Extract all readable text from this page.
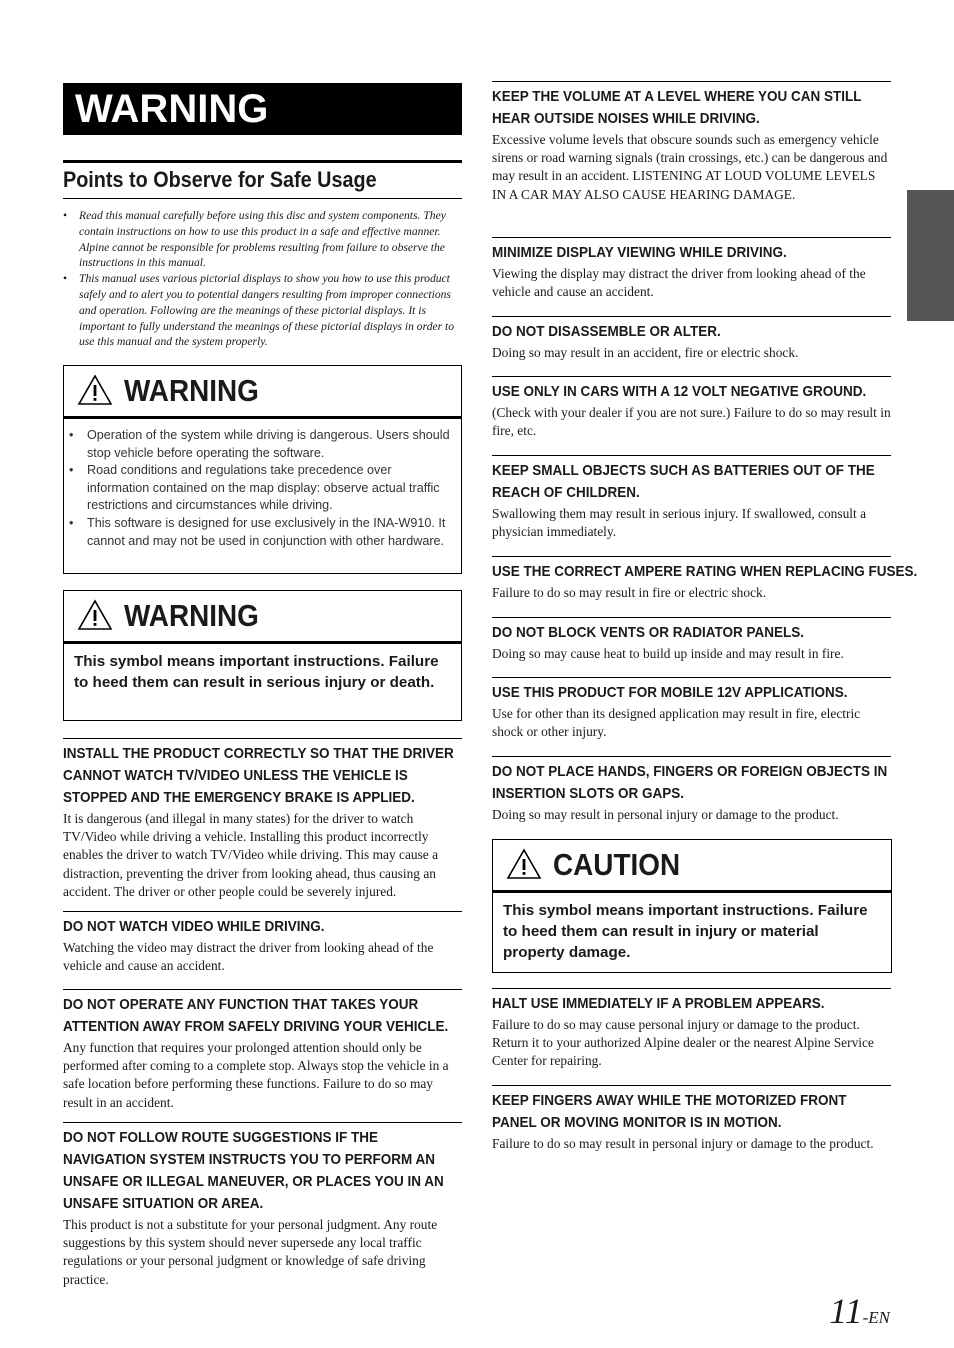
WARNING
Points to Observe for Safe Usage
• Read this manual carefully before using this disc and system components. They contain instructions on how to use this product in a safe and effective manner. Alpine cannot be responsible for problems resulting from failure to observe the instructions in this manual.
• This manual uses various pictorial displays to show you how to use this product safely and to alert you to potential dangers resulting from improper connections and operation. Following are the meanings of these pictorial displays. It is important to fully understand the meanings of these pictorial displays in order to use this manual and the system properly.
WARNING
• Operation of the system while driving is dangerous. Users should stop vehicle before operating the software.
• Road conditions and regulations take precedence over information contained on the map display: observe actual traffic restrictions and circumstances while driving.
• This software is designed for use exclusively in the INA-W910. It cannot and may not be used in conjunction with other hardware.
WARNING
This symbol means important instructions. Failure to heed them can result in serious injury or death.
INSTALL THE PRODUCT CORRECTLY SO THAT THE DRIVER
CANNOT WATCH TV/VIDEO UNLESS THE VEHICLE IS
STOPPED AND THE EMERGENCY BRAKE IS APPLIED.

It is dangerous (and illegal in many states) for the driver to watch TV/Video while driving a vehicle. Installing this product incorrectly enables the driver to watch TV/Video while driving. This may cause a distraction, preventing the driver from looking ahead, thus causing an accident. The driver or other people could be severely injured.

DO NOT WATCH VIDEO WHILE DRIVING.

Watching the video may distract the driver from looking ahead of the vehicle and cause an accident.

DO NOT OPERATE ANY FUNCTION THAT TAKES YOUR
ATTENTION AWAY FROM SAFELY DRIVING YOUR VEHICLE.

Any function that requires your prolonged attention should only be performed after coming to a complete stop. Always stop the vehicle in a safe location before performing these functions. Failure to do so may result in an accident.

DO NOT FOLLOW ROUTE SUGGESTIONS IF THE
NAVIGATION SYSTEM INSTRUCTS YOU TO PERFORM AN
UNSAFE OR ILLEGAL MANEUVER, OR PLACES YOU IN AN
UNSAFE SITUATION OR AREA.

This product is not a substitute for your personal judgment. Any route suggestions by this system should never supersede any local traffic regulations or your personal judgment or knowledge of safe driving practice.

KEEP THE VOLUME AT A LEVEL WHERE YOU CAN STILL
HEAR OUTSIDE NOISES WHILE DRIVING.

Excessive volume levels that obscure sounds such as emergency vehicle sirens or road warning signals (train crossings, etc.) can be dangerous and may result in an accident. LISTENING AT LOUD VOLUME LEVELS IN A CAR MAY ALSO CAUSE HEARING DAMAGE.

MINIMIZE DISPLAY VIEWING WHILE DRIVING.

Viewing the display may distract the driver from looking ahead of the vehicle and cause an accident.

DO NOT DISASSEMBLE OR ALTER.

Doing so may result in an accident, fire or electric shock.

USE ONLY IN CARS WITH A 12 VOLT NEGATIVE GROUND.

(Check with your dealer if you are not sure.) Failure to do so may result in fire, etc.

KEEP SMALL OBJECTS SUCH AS BATTERIES OUT OF THE
REACH OF CHILDREN.

Swallowing them may result in serious injury. If swallowed, consult a physician immediately.

USE THE CORRECT AMPERE RATING WHEN REPLACING FUSES.

Failure to do so may result in fire or electric shock.

DO NOT BLOCK VENTS OR RADIATOR PANELS.

Doing so may cause heat to build up inside and may result in fire.

USE THIS PRODUCT FOR MOBILE 12V APPLICATIONS.

Use for other than its designed application may result in fire, electric shock or other injury.

DO NOT PLACE HANDS, FINGERS OR FOREIGN OBJECTS IN
INSERTION SLOTS OR GAPS.

Doing so may result in personal injury or damage to the product.

CAUTION
This symbol means important instructions. Failure to heed them can result in injury or material property damage.
HALT USE IMMEDIATELY IF A PROBLEM APPEARS.

Failure to do so may cause personal injury or damage to the product. Return it to your authorized Alpine dealer or the nearest Alpine Service Center for repairing.

KEEP FINGERS AWAY WHILE THE MOTORIZED FRONT
PANEL OR MOVING MONITOR IS IN MOTION.

Failure to do so may result in personal injury or damage to the product.

11-EN
